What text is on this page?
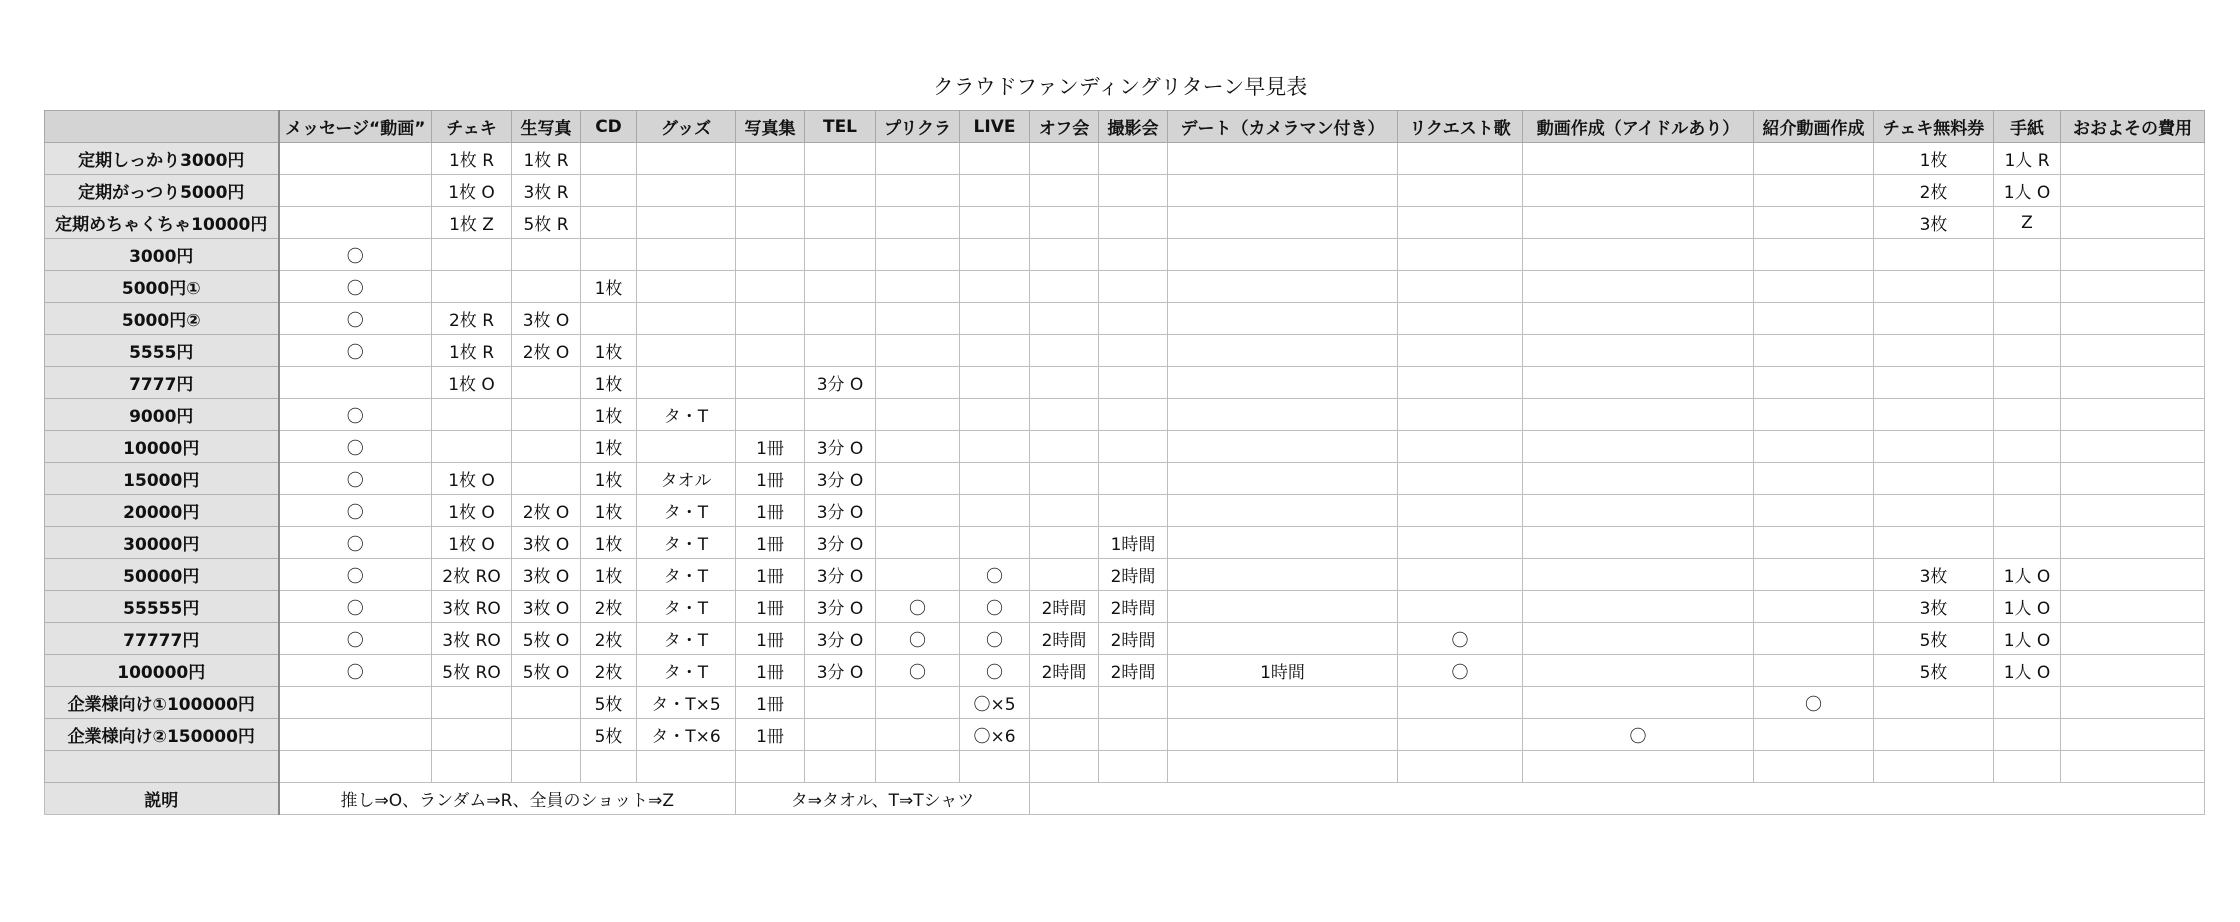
クラウドファンディングリターン早見表
	メッセージ“動画”	チェキ	生写真	CD	グッズ	写真集	TEL	プリクラ	LIVE	オフ会	撮影会	デート（カメラマン付き）	リクエスト歌	動画作成（アイドルあり）	紹介動画作成	チェキ無料券	手紙	おおよその費用
定期しっかり3000円		1枚 R	1枚 R													1枚	1人 R	
定期がっつり5000円		1枚 O	3枚 R													2枚	1人 O	
定期めちゃくちゃ10000円		1枚 Z	5枚 R													3枚	Z	
3000円	〇																	
5000円①	〇			1枚														
5000円②	〇	2枚 R	3枚 O															
5555円	〇	1枚 R	2枚 O	1枚														
7777円		1枚 O		1枚			3分 O											
9000円	〇			1枚	タ・T													
10000円	〇			1枚		1冊	3分 O											
15000円	〇	1枚 O		1枚	タオル	1冊	3分 O											
20000円	〇	1枚 O	2枚 O	1枚	タ・T	1冊	3分 O											
30000円	〇	1枚 O	3枚 O	1枚	タ・T	1冊	3分 O				1時間							
50000円	〇	2枚 RO	3枚 O	1枚	タ・T	1冊	3分 O		〇		2時間					3枚	1人 O	
55555円	〇	3枚 RO	3枚 O	2枚	タ・T	1冊	3分 O	〇	〇	2時間	2時間					3枚	1人 O	
77777円	〇	3枚 RO	5枚 O	2枚	タ・T	1冊	3分 O	〇	〇	2時間	2時間		〇			5枚	1人 O	
100000円	〇	5枚 RO	5枚 O	2枚	タ・T	1冊	3分 O	〇	〇	2時間	2時間	1時間	〇			5枚	1人 O	
企業様向け①100000円				5枚	タ・T×5	1冊			〇×5						〇			
企業様向け②150000円				5枚	タ・T×6	1冊			〇×6					〇				

説明	推し⇒O、ランダム⇒R、全員のショット⇒Z					タ⇒タオル、T⇒Tシャツ												
